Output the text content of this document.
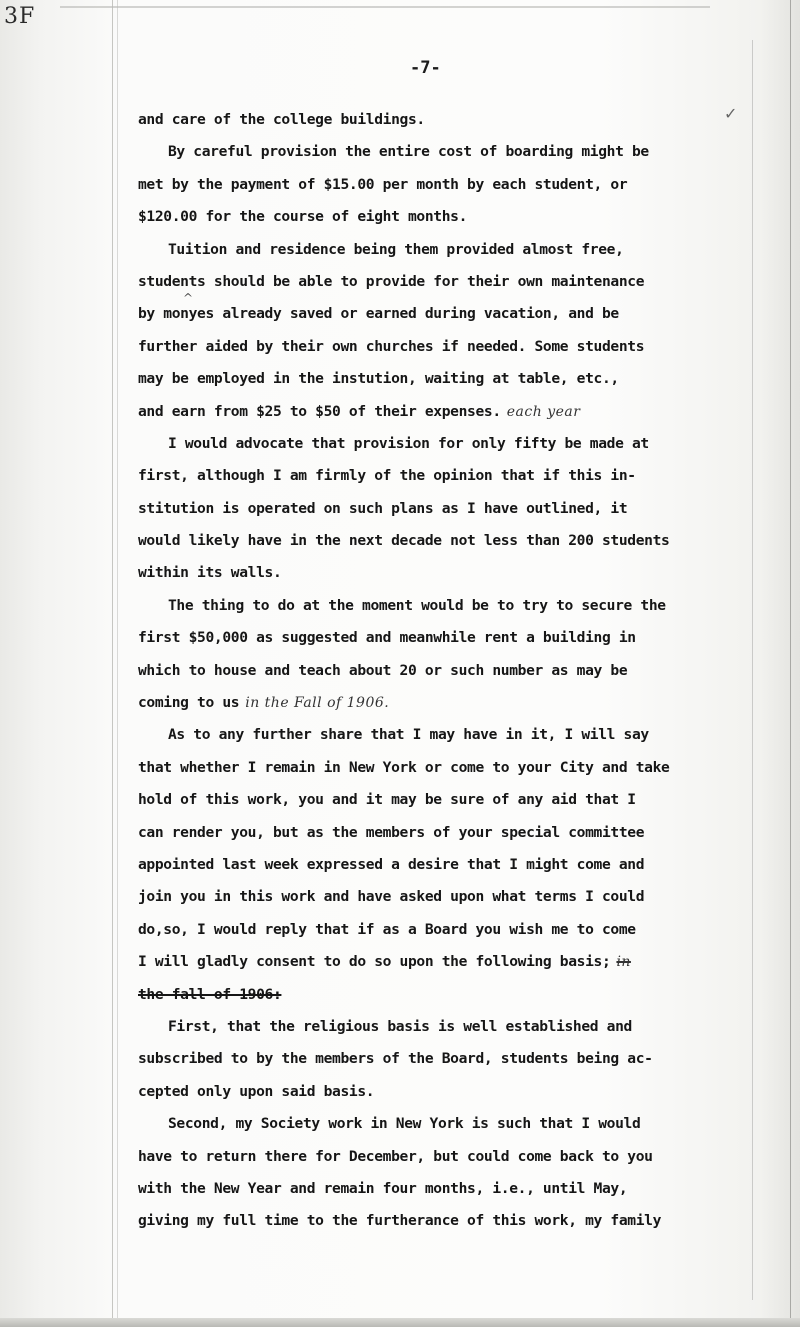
3F
-7-
^
✓
and care of the college buildings.
By careful provision the entire cost of boarding might be
met by the payment of $15.00 per month by each student, or
$120.00 for the course of eight months.
Tuition and residence being them provided almost free,
students should be able to provide for their own maintenance
by monyes already saved or earned during vacation, and be
further aided by their own churches if needed. Some students
may be employed in the instution, waiting at table, etc.,
and earn from $25 to $50 of their expenses. each year
I would advocate that provision for only fifty be made at
first, although I am firmly of the opinion that if this in-
stitution is operated on such plans as I have outlined, it
would likely have in the next decade not less than 200 students
within its walls.
The thing to do at the moment would be to try to secure the
first $50,000 as suggested and meanwhile rent a building in
which to house and teach about 20 or such number as may be
coming to us in the Fall of 1906.
As to any further share that I may have in it, I will say
that whether I remain in New York or come to your City and take
hold of this work, you and it may be sure of any aid that I
can render you, but as the members of your special committee
appointed last week expressed a desire that I might come and
join you in this work and have asked upon what terms I could
do,so, I would reply that if as a Board you wish me to come
I will gladly consent to do so upon the following basis; in
the fall of 1906:
First, that the religious basis is well established and
subscribed to by the members of the Board, students being ac-
cepted only upon said basis.
Second, my Society work in New York is such that I would
have to return there for December, but could come back to you
with the New Year and remain four months, i.e., until May,
giving my full time to the furtherance of this work, my family
